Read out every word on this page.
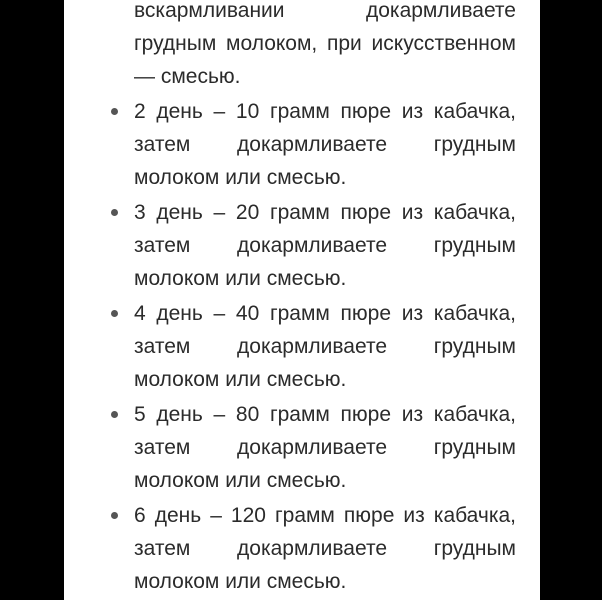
вскармливании докармливаете грудным молоком, при искусственном — смесью.

2 день – 10 грамм пюре из кабачка, затем докармливаете грудным молоком или смесью.
3 день – 20 грамм пюре из кабачка, затем докармливаете грудным молоком или смесью.
4 день – 40 грамм пюре из кабачка, затем докармливаете грудным молоком или смесью.
5 день – 80 грамм пюре из кабачка, затем докармливаете грудным молоком или смесью.
6 день – 120 грамм пюре из кабачка, затем докармливаете грудным молоком или смесью.
